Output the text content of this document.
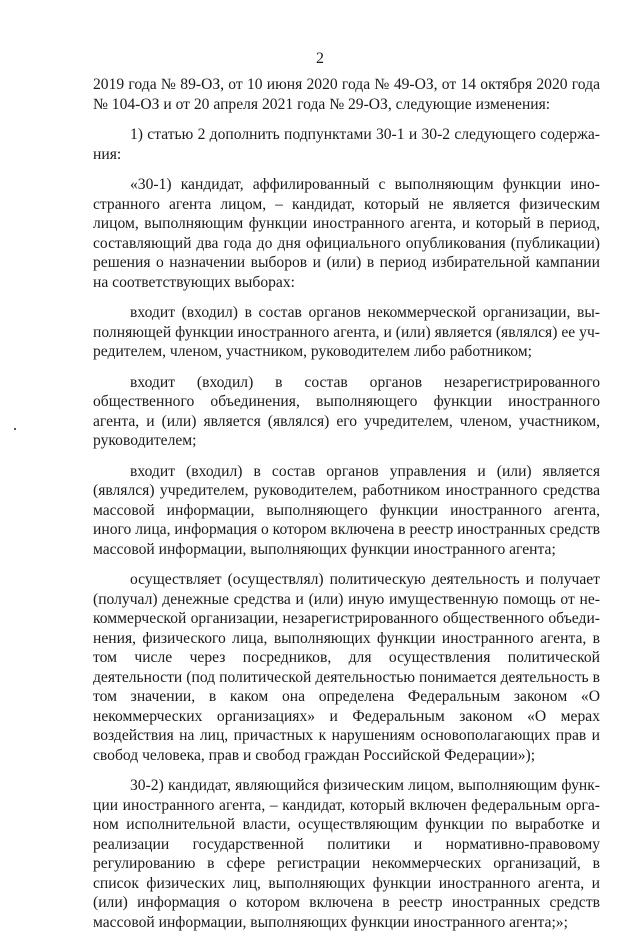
2

2019 года № 89-ОЗ, от 10 июня 2020 года № 49-ОЗ, от 14 октября 2020 года № 104-ОЗ и от 20 апреля 2021 года № 29-ОЗ, следующие изменения:

1) статью 2 дополнить подпунктами 30-1 и 30-2 следующего содержания:

«30-1) кандидат, аффилированный с выполняющим функции иностранного агента лицом, – кандидат, который не является физическим лицом, выполняющим функции иностранного агента, и который в период, составляющий два года до дня официального опубликования (публикации) решения о назначении выборов и (или) в период избирательной кампании на соответствующих выборах:

входит (входил) в состав органов некоммерческой организации, выполняющей функции иностранного агента, и (или) является (являлся) ее учредителем, членом, участником, руководителем либо работником;

входит (входил) в состав органов незарегистрированного общественного объединения, выполняющего функции иностранного агента, и (или) является (являлся) его учредителем, членом, участником, руководителем;

входит (входил) в состав органов управления и (или) является (являлся) учредителем, руководителем, работником иностранного средства массовой информации, выполняющего функции иностранного агента, иного лица, информация о котором включена в реестр иностранных средств массовой информации, выполняющих функции иностранного агента;

осуществляет (осуществлял) политическую деятельность и получает (получал) денежные средства и (или) иную имущественную помощь от некоммерческой организации, незарегистрированного общественного объединения, физического лица, выполняющих функции иностранного агента, в том числе через посредников, для осуществления политической деятельности (под политической деятельностью понимается деятельность в том значении, в каком она определена Федеральным законом «О некоммерческих организациях» и Федеральным законом «О мерах воздействия на лиц, причастных к нарушениям основополагающих прав и свобод человека, прав и свобод граждан Российской Федерации»);

30-2) кандидат, являющийся физическим лицом, выполняющим функции иностранного агента, – кандидат, который включен федеральным органом исполнительной власти, осуществляющим функции по выработке и реализации государственной политики и нормативно-правовому регулированию в сфере регистрации некоммерческих организаций, в список физических лиц, выполняющих функции иностранного агента, и (или) информация о котором включена в реестр иностранных средств массовой информации, выполняющих функции иностранного агента;»;
